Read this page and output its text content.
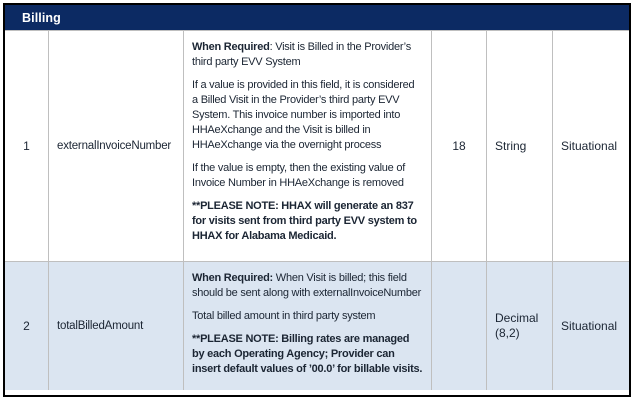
Billing
1 externalInvoiceNumber

When Required: Visit is Billed in the Provider’s third party EVV System

If a value is provided in this field, it is considered a Billed Visit in the Provider’s third party EVV System. This invoice number is imported into HHAeXchange and the Visit is billed in HHAeXchange via the overnight process

If the value is empty, then the existing value of Invoice Number in HHAeXchange is removed

**PLEASE NOTE: HHAX will generate an 837 for visits sent from third party EVV system to HHAX for Alabama Medicaid.

18 String	Situational
2 totalBilledAmount

When Required: When Visit is billed; this field should be sent along with externalInvoiceNumber

Total billed amount in third party system

**PLEASE NOTE: Billing rates are managed by each Operating Agency; Provider can insert default values of ’00.0’ for billable visits.

Decimal (8,2)
Situational
